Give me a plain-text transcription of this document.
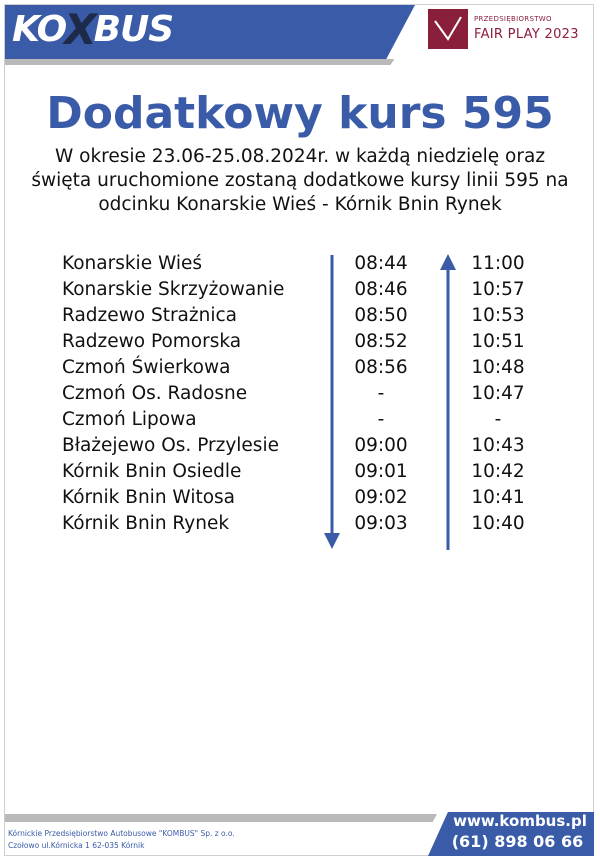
KO
X
BUS	PRZEDSIĘBIORSTWO
FAIR PLAY 2023
Dodatkowy kurs 595
W okresie 23.06-25.08.2024r. w każdą niedzielę oraz święta uruchomione zostaną dodatkowe kursy linii 595 na odcinku Konarskie Wieś - Kórnik Bnin Rynek
Konarskie Wieś	08:44	11:00
Konarskie Skrzyżowanie	08:46	10:57
Radzewo Strażnica	08:50	10:53
Radzewo Pomorska	08:52	10:51
Czmoń Świerkowa	08:56	10:48
Czmoń Os. Radosne	-	10:47
Czmoń Lipowa	-	-
Błażejewo Os. Przylesie	09:00	10:43
Kórnik Bnin Osiedle	09:01	10:42
Kórnik Bnin Witosa	09:02	10:41
Kórnik Bnin Rynek	09:03	10:40
www.kombus.pl
(61) 898 06 66
Kórnickie Przedsiębiorstwo Autobusowe "KOMBUS" Sp. z o.o.
Czołowo ul.Kórnicka 1 62-035 Kórnik
